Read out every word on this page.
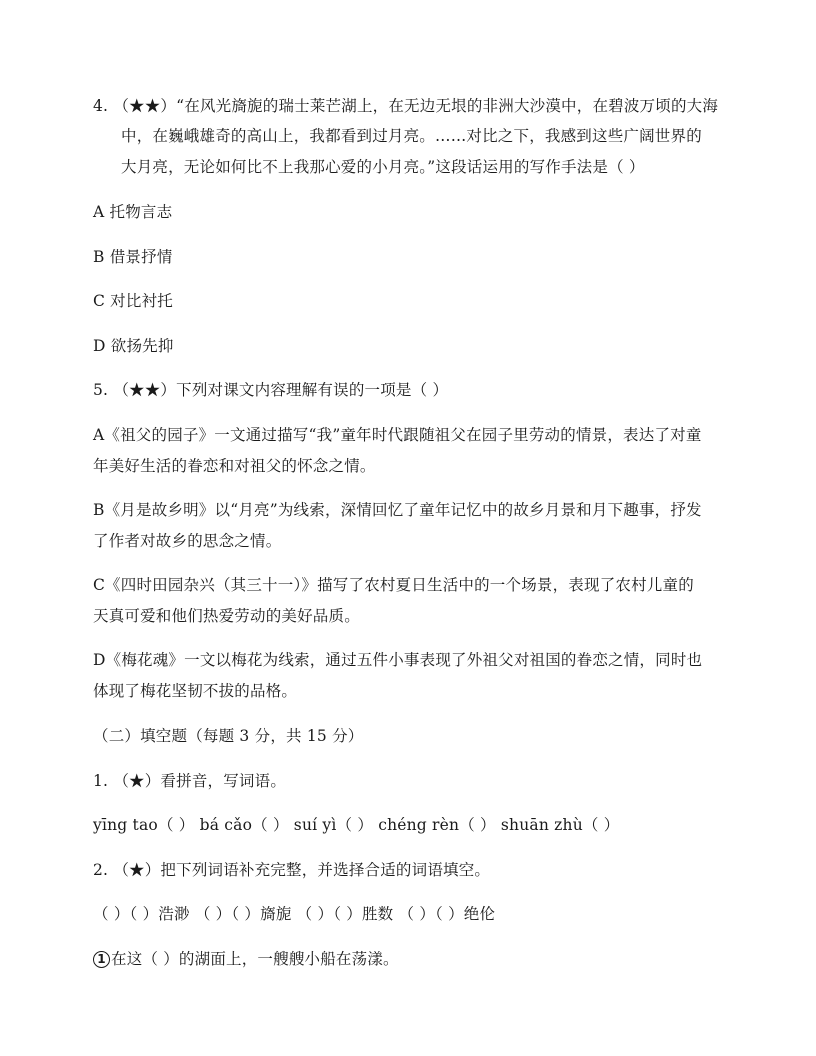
4. （★★）“在风光旖旎的瑞士莱芒湖上，在无边无垠的非洲大沙漠中，在碧波万顷的大海
中，在巍峨雄奇的高山上，我都看到过月亮。……对比之下，我感到这些广阔世界的
大月亮，无论如何比不上我那心爱的小月亮。”这段话运用的写作手法是（ ）
A 托物言志
B 借景抒情
C 对比衬托
D 欲扬先抑
5. （★★）下列对课文内容理解有误的一项是（ ）
A《祖父的园子》一文通过描写“我”童年时代跟随祖父在园子里劳动的情景，表达了对童
年美好生活的眷恋和对祖父的怀念之情。
B《月是故乡明》以“月亮”为线索，深情回忆了童年记忆中的故乡月景和月下趣事，抒发
了作者对故乡的思念之情。
C《四时田园杂兴（其三十一）》描写了农村夏日生活中的一个场景，表现了农村儿童的
天真可爱和他们热爱劳动的美好品质。
D《梅花魂》一文以梅花为线索，通过五件小事表现了外祖父对祖国的眷恋之情，同时也
体现了梅花坚韧不拔的品格。
（二）填空题（每题 3 分，共 15 分）
1. （★）看拼音，写词语。
yīng tao（ ） bá cǎo（ ） suí yì（ ） chéng rèn（ ） shuān zhù（ ）
2. （★）把下列词语补充完整，并选择合适的词语填空。
（ ）（ ）浩渺 （ ）（ ）旖旎 （ ）（ ）胜数 （ ）（ ）绝伦
1 在这（ ）的湖面上，一艘艘小船在荡漾。
